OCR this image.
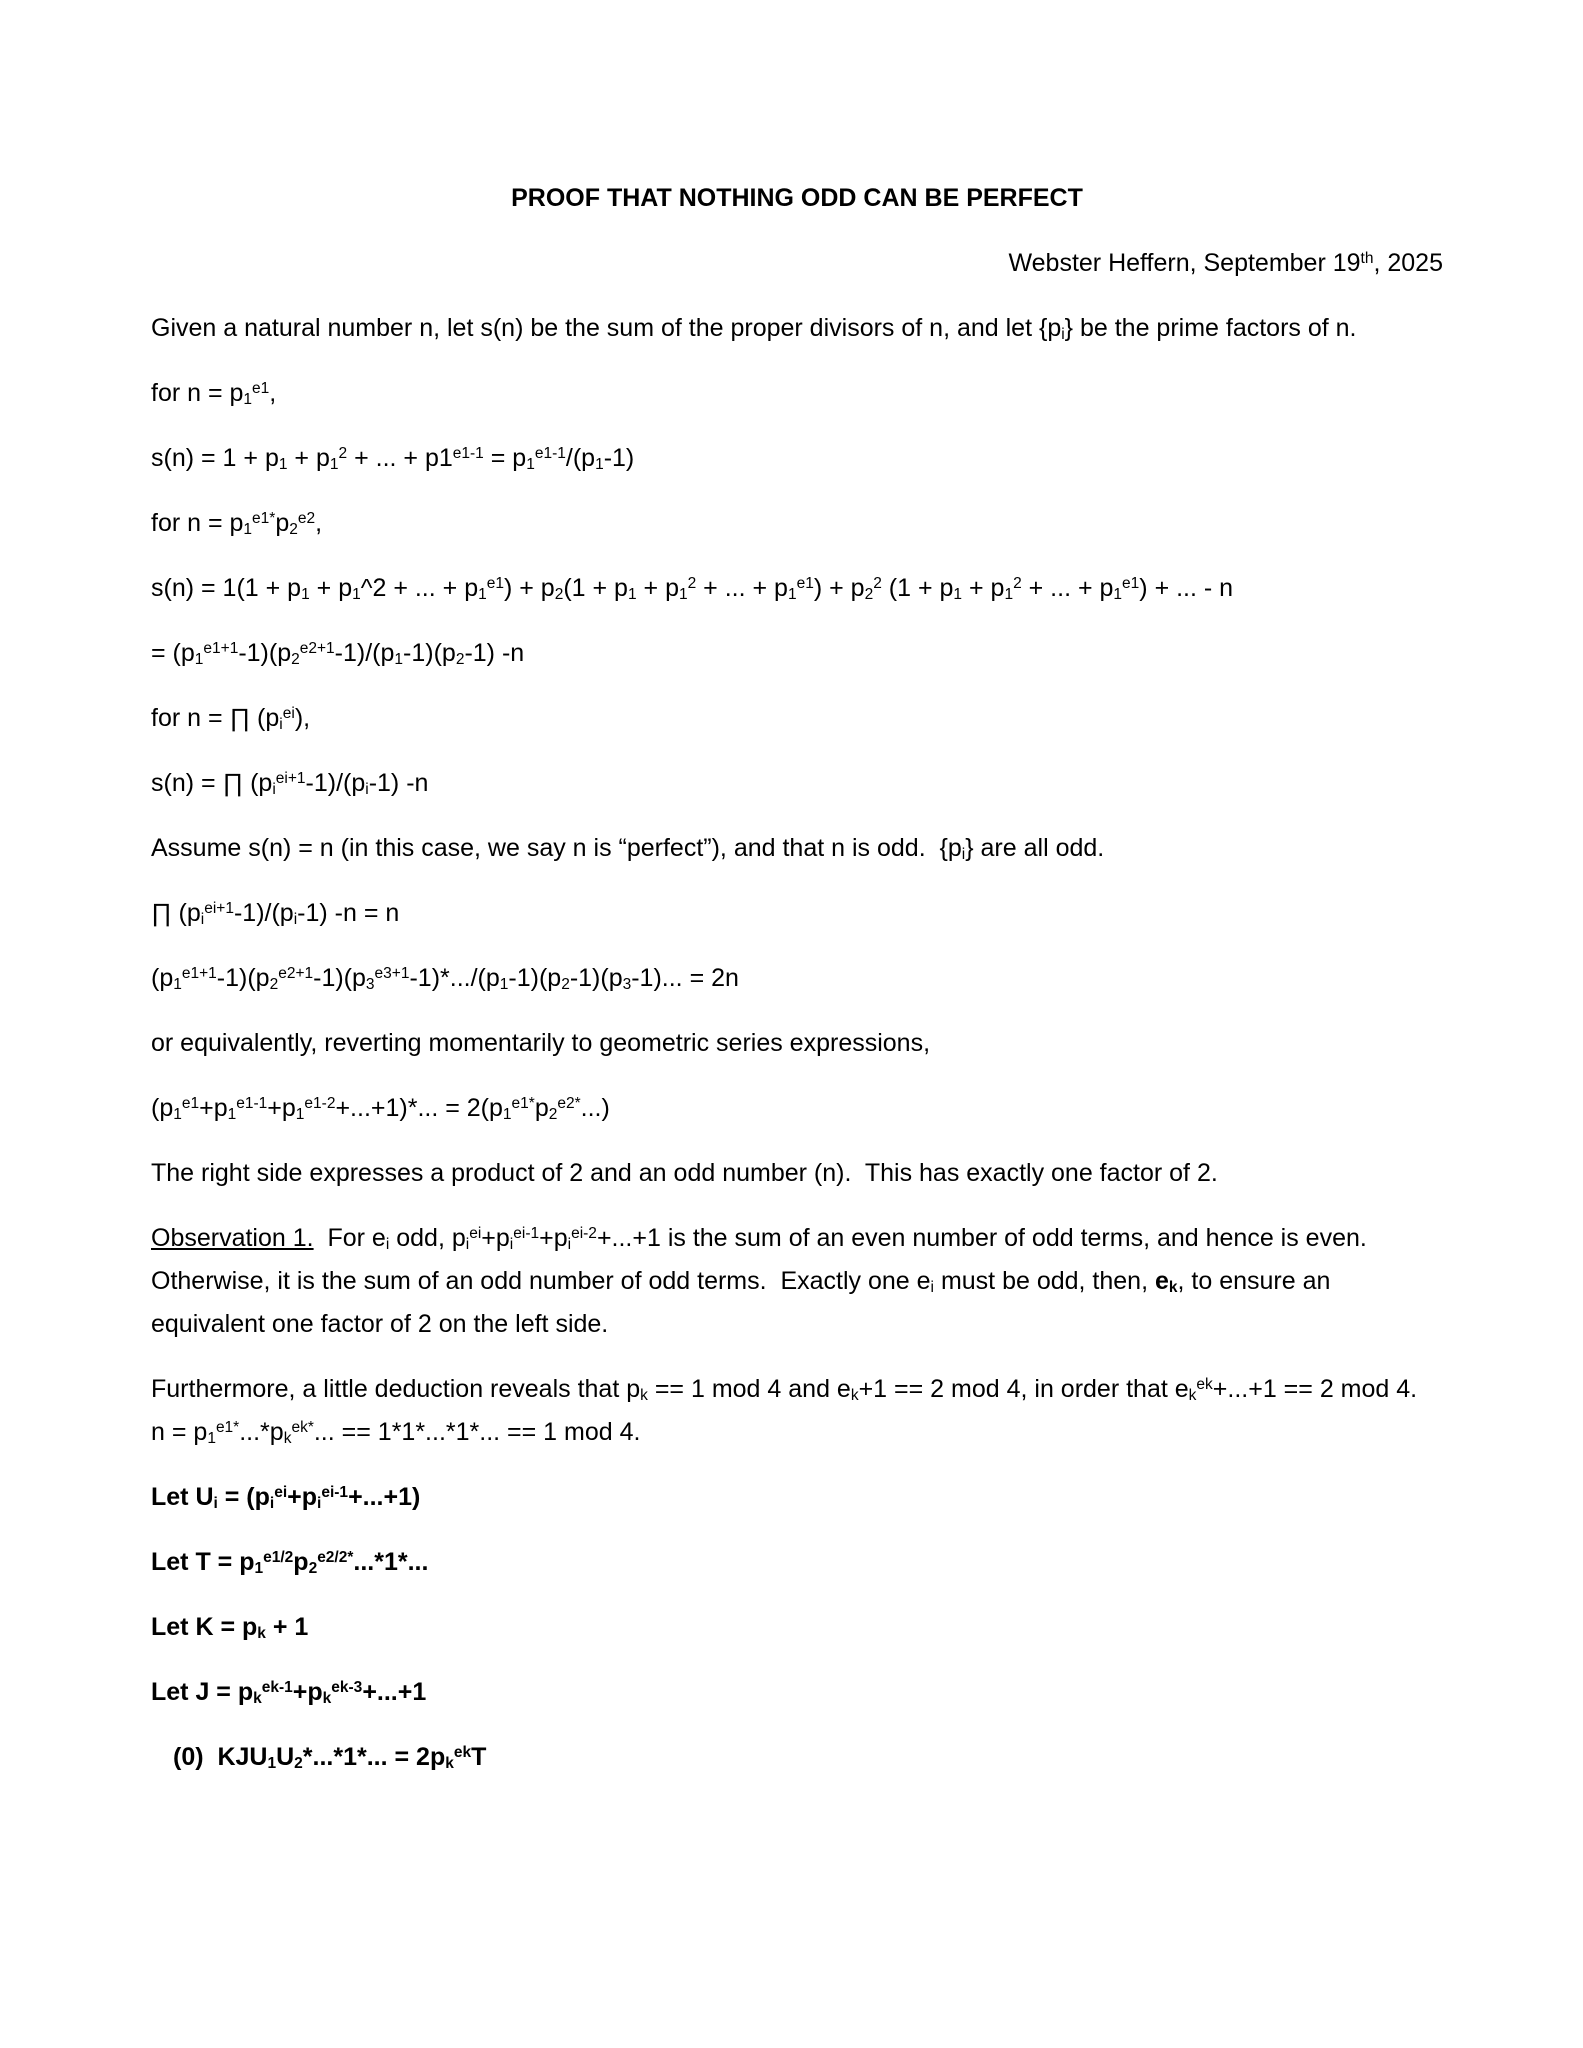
PROOF THAT NOTHING ODD CAN BE PERFECT

Webster Heffern, September 19th, 2025

Given a natural number n, let s(n) be the sum of the proper divisors of n, and let $\{p_i\}$ be the prime factors of n.

for $n = p_1^{e1}$,

$s(n) = 1 + p_1 + p_1^2$ + ... + $p1^{e1-1} = p_1^{e1-1}/(p_1-1)$

for $n = p_1^{e1*}p_2^{e2}$,

$s(n) = 1(1 + p_1$ + $p_1\^{}2$ + ... + $p_1^{e1}) + p_2(1 + p_1 + p_1^2$ + ... + $p_1^{e1}) + p_2^2$ ($1 + p_1 + p_1^2$ + ... + $p_1^{e1}$) + ... - n

= $(p_1^{e1+1}-1)(p_2^{e2+1}-1)/(p_1-1)(p_2-1)$ -n

for n = ∏ $(p_i^{ei})$,

s(n) = ∏ $(p_i^{ei+1}-1)/(p_i-1)$ -n

Assume s(n) = n (in this case, we say n is “perfect”), and that n is odd.  $\{p_i\}$ are all odd.

∏ $(p_i^{ei+1}-1)/(p_i-1) -n = n$

$(p_1^{e1+1}-1)(p_2^{e2+1}-1)(p_3^{e3+1}-1)*.../(p_1-1)(p_2-1)(p_3-1)$... = 2n

or equivalently, reverting momentarily to geometric series expressions,

$(p_1^{e1}+p_1^{e1-1}+p_1^{e1-2}+...+1)*$... = $2(p_1^{e1*}p_2^{e2*}...)$

The right side expresses a product of 2 and an odd number (n).  This has exactly one factor of 2.

Observation 1.  For $e_i$ odd, $p_i^{ei}+p_i^{ei-1}+p_i^{ei-2}+...+1$ is the sum of an even number of odd terms, and hence is even.  Otherwise, it is the sum of an odd number of odd terms.  Exactly one $e_i$ must be odd, then, $e_k$, to ensure an equivalent one factor of 2 on the left side.

Furthermore, a little deduction reveals that $p_k == 1$ mod 4 and $e_k+1 == 2$ mod 4, in order that $e_k^{ek}+...+1 == 2$ mod 4.  $n = p_1^{e1*}...*p_k^{ek*}$... == 1*1*...*1*... == 1 mod 4.

Let $U_i = (p_i^{ei}+p_i^{ei-1}+...+1)$

Let $T = p_1^{e1/2}p_2^{e2/2*}...*1*$...

Let $K = p_k + 1$

Let $J = p_k^{ek-1}+p_k^{ek-3}+...+1$

(0)  $KJU_1U_2*...*1*$... = $2p_k^{ek}T$
